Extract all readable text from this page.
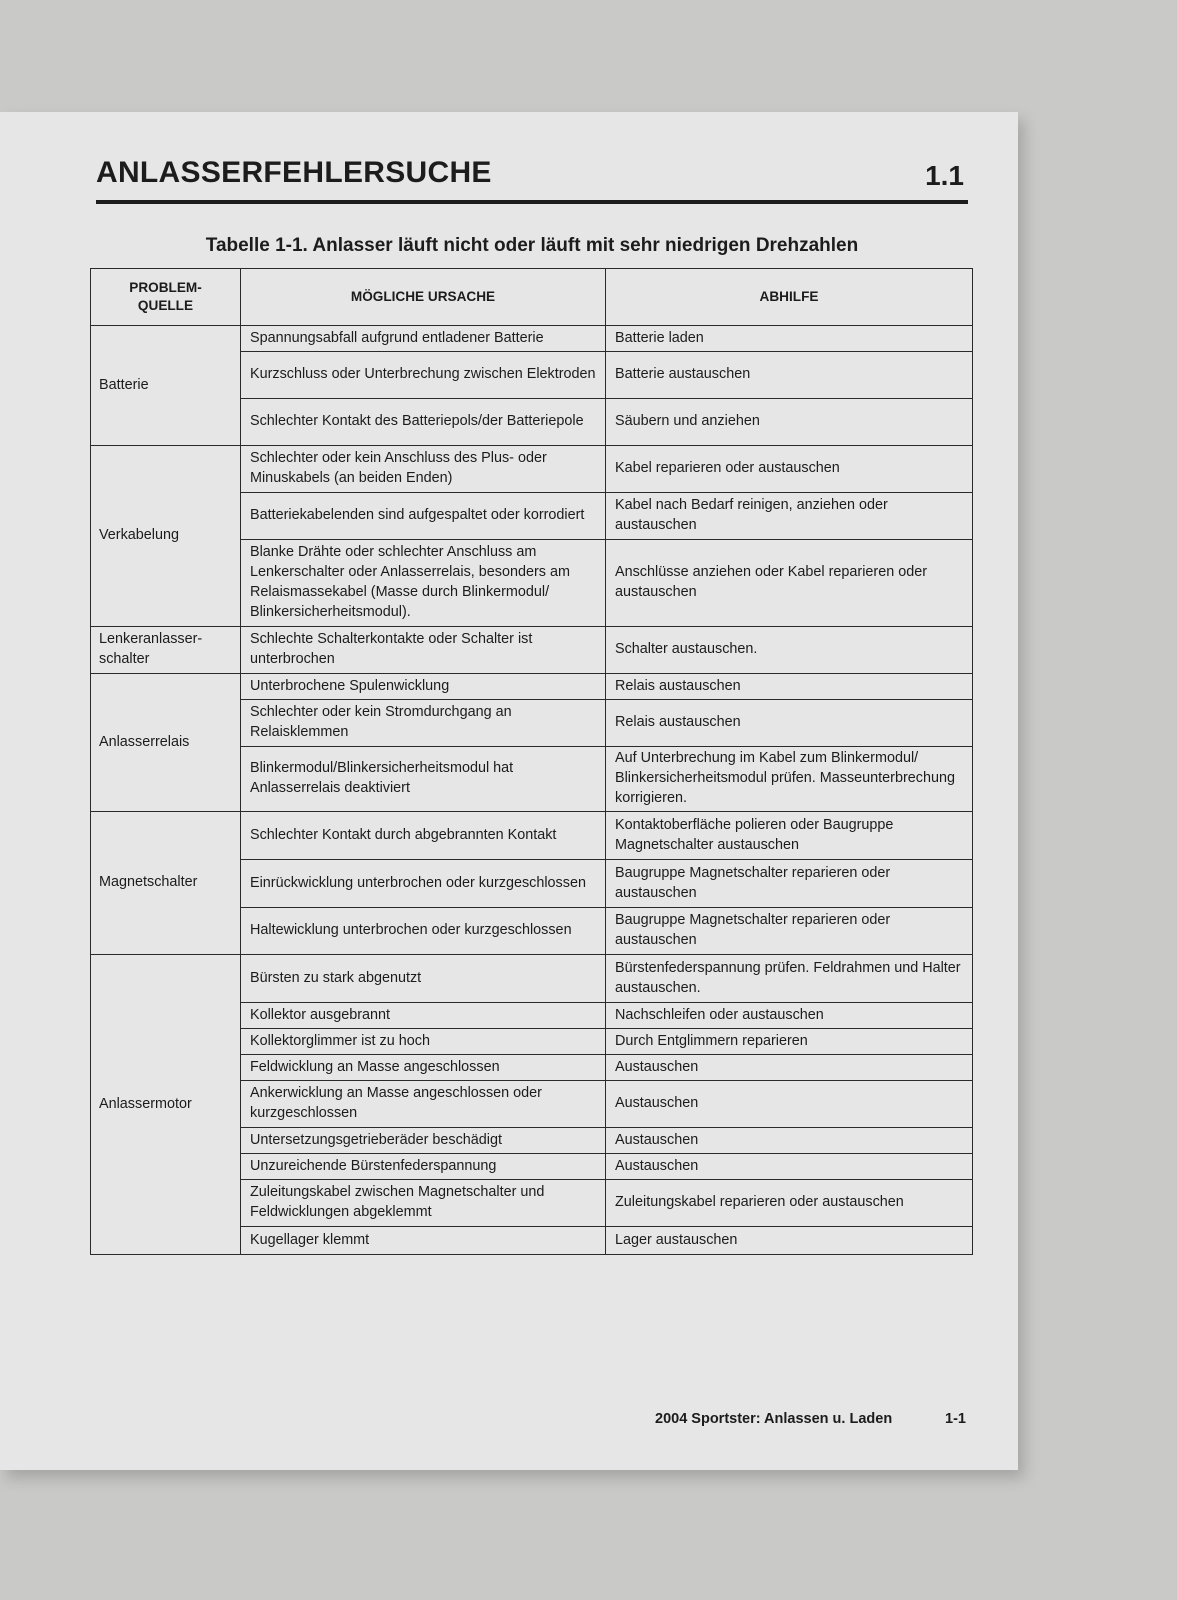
ANLASSERFEHLERSUCHE	1.1
Tabelle 1-1. Anlasser läuft nicht oder läuft mit sehr niedrigen Drehzahlen
PROBLEM-
QUELLE	MÖGLICHE URSACHE	ABHILFE
Batterie	Spannungsabfall aufgrund entladener Batterie	Batterie laden
	Kurzschluss oder Unterbrechung zwischen Elektroden	Batterie austauschen
	Schlechter Kontakt des Batteriepols/der Batteriepole	Säubern und anziehen
Verkabelung	Schlechter oder kein Anschluss des Plus- oder Minuskabels (an beiden Enden)	Kabel reparieren oder austauschen
	Batteriekabelenden sind aufgespaltet oder korrodiert	Kabel nach Bedarf reinigen, anziehen oder austauschen
	Blanke Drähte oder schlechter Anschluss am Lenkerschalter oder Anlasserrelais, besonders am Relaismassekabel (Masse durch Blinkermodul/ Blinkersicherheitsmodul).	Anschlüsse anziehen oder Kabel reparieren oder austauschen
Lenkeranlasser-
schalter	Schlechte Schalterkontakte oder Schalter ist unterbrochen	Schalter austauschen.
Anlasserrelais	Unterbrochene Spulenwicklung	Relais austauschen
	Schlechter oder kein Stromdurchgang an Relaisklemmen	Relais austauschen
	Blinkermodul/Blinkersicherheitsmodul hat Anlasserrelais deaktiviert	Auf Unterbrechung im Kabel zum Blinkermodul/ Blinkersicherheitsmodul prüfen. Masseunterbrechung korrigieren.
Magnetschalter	Schlechter Kontakt durch abgebrannten Kontakt	Kontaktoberfläche polieren oder Baugruppe Magnetschalter austauschen
	Einrückwicklung unterbrochen oder kurzgeschlossen	Baugruppe Magnetschalter reparieren oder austauschen
	Haltewicklung unterbrochen oder kurzgeschlossen	Baugruppe Magnetschalter reparieren oder austauschen
Anlassermotor	Bürsten zu stark abgenutzt	Bürstenfederspannung prüfen. Feldrahmen und Halter austauschen.
	Kollektor ausgebrannt	Nachschleifen oder austauschen
	Kollektorglimmer ist zu hoch	Durch Entglimmern reparieren
	Feldwicklung an Masse angeschlossen	Austauschen
	Ankerwicklung an Masse angeschlossen oder kurzgeschlossen	Austauschen
	Untersetzungsgetrieberäder beschädigt	Austauschen
	Unzureichende Bürstenfederspannung	Austauschen
	Zuleitungskabel zwischen Magnetschalter und Feldwicklungen abgeklemmt	Zuleitungskabel reparieren oder austauschen
	Kugellager klemmt	Lager austauschen
2004 Sportster: Anlassen u. Laden	1-1
